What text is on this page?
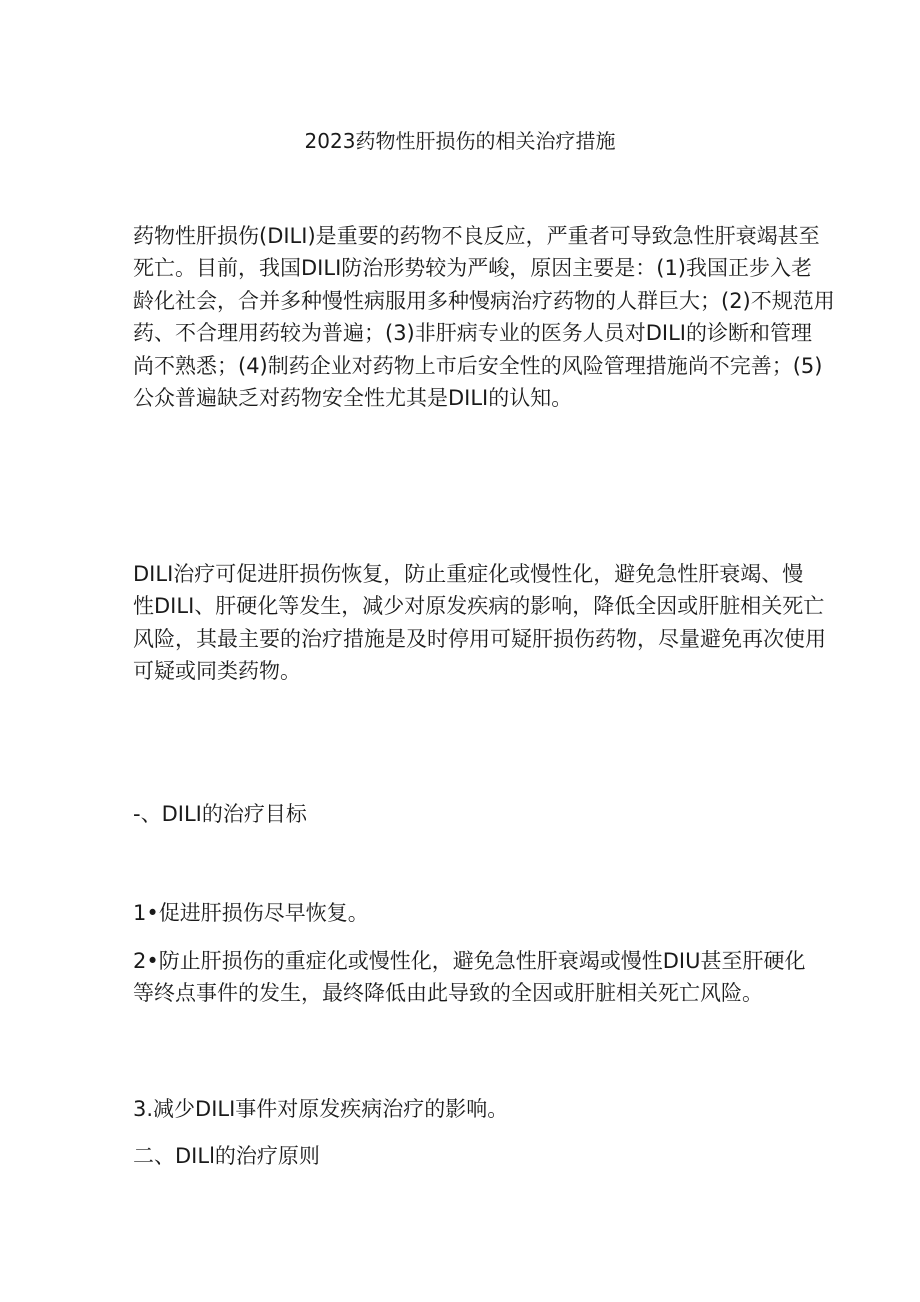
2023药物性肝损伤的相关治疗措施
药物性肝损伤(DILI)是重要的药物不良反应，严重者可导致急性肝衰竭甚至
死亡。目前，我国DILI防治形势较为严峻，原因主要是：(1)我国正步入老
龄化社会，合并多种慢性病服用多种慢病治疗药物的人群巨大；(2)不规范用
药、不合理用药较为普遍；(3)非肝病专业的医务人员对DILI的诊断和管理
尚不熟悉；(4)制药企业对药物上市后安全性的风险管理措施尚不完善；(5)
公众普遍缺乏对药物安全性尤其是DILI的认知。
DILI治疗可促进肝损伤恢复，防止重症化或慢性化，避免急性肝衰竭、慢
性DILI、肝硬化等发生，减少对原发疾病的影响，降低全因或肝脏相关死亡
风险，其最主要的治疗措施是及时停用可疑肝损伤药物，尽量避免再次使用
可疑或同类药物。

-、DILI的治疗目标

1•促进肝损伤尽早恢复。

2•防止肝损伤的重症化或慢性化，避免急性肝衰竭或慢性DIU甚至肝硬化
等终点事件的发生，最终降低由此导致的全因或肝脏相关死亡风险。

3.减少DILI事件对原发疾病治疗的影响。

二、DILl的治疗原则
